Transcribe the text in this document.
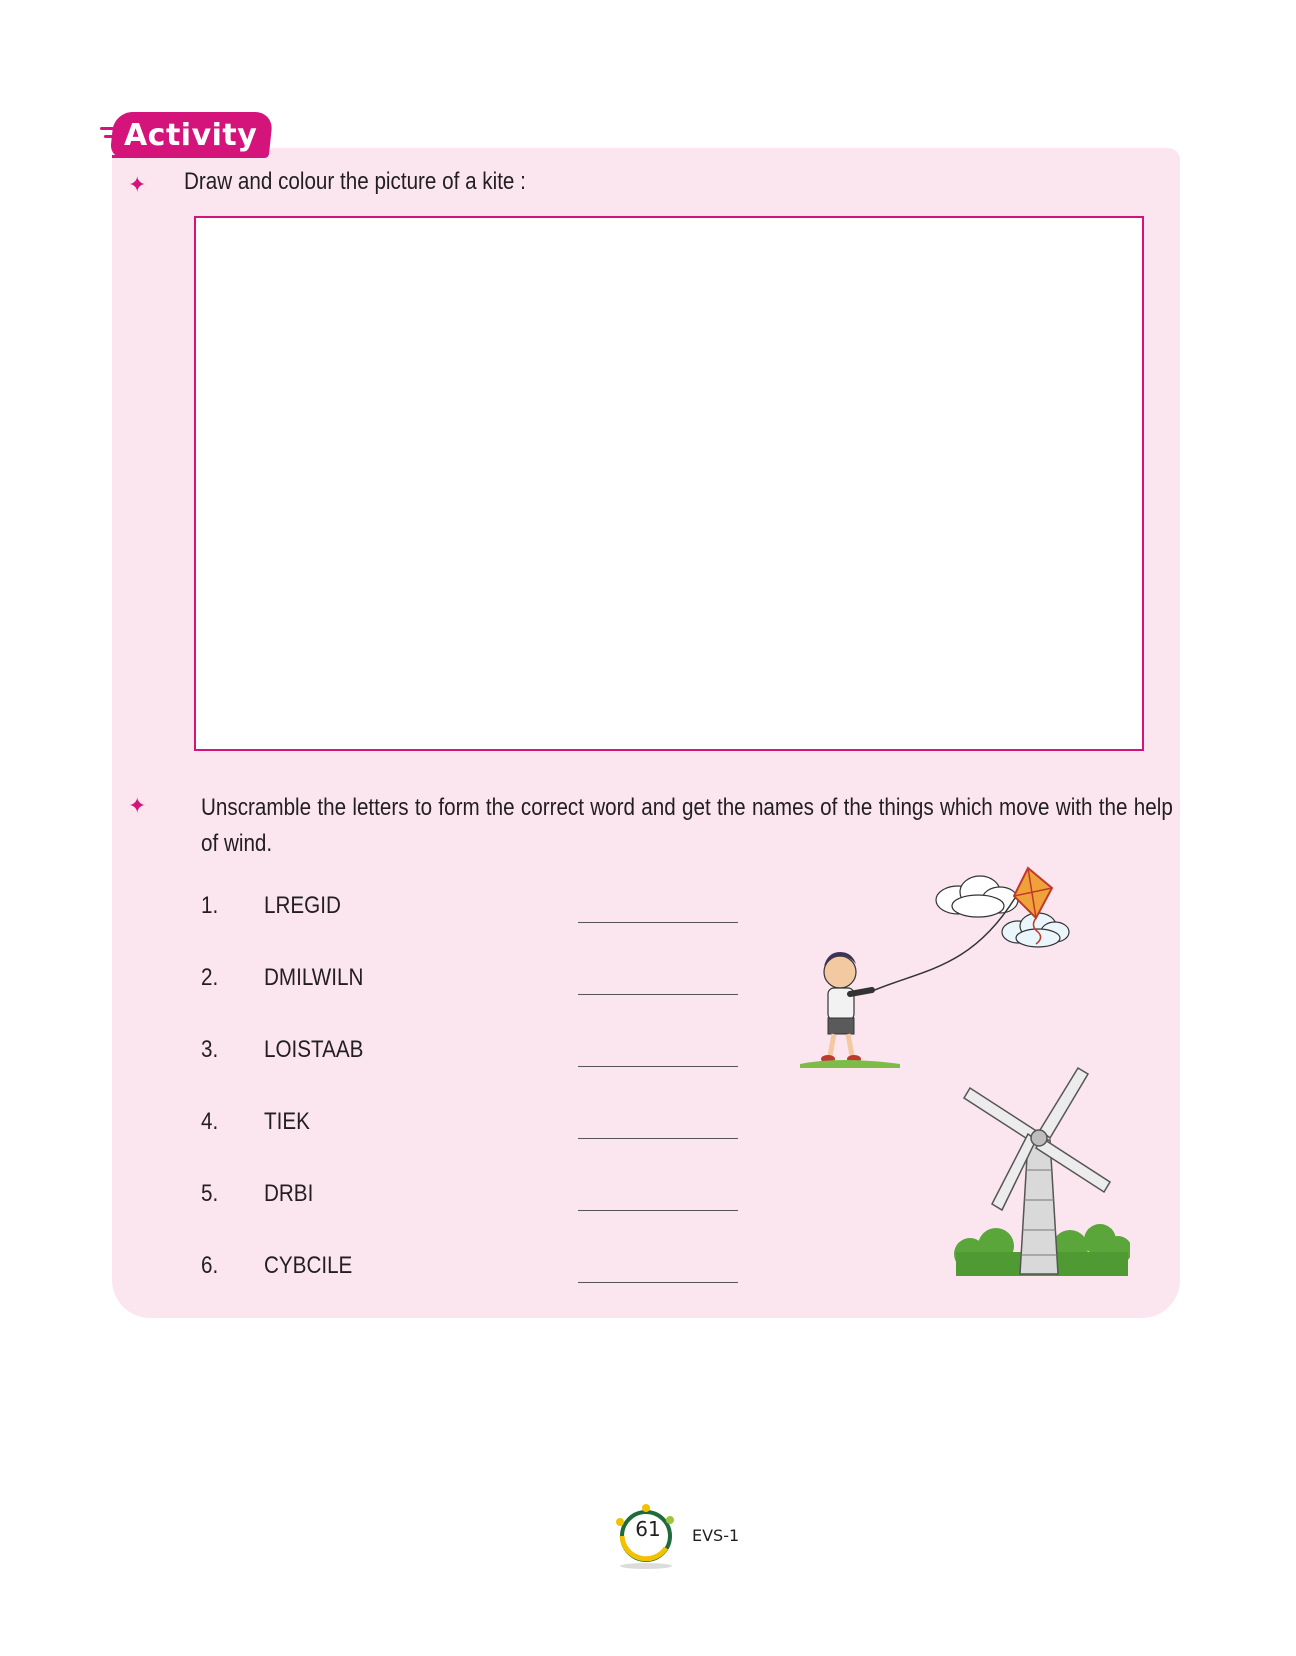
Activity
✦ Draw and colour the picture of a kite :
✦ Unscramble the letters to form the correct word and get the names of the things which move with the help of wind.
1. LREGID
2. DMILWILN
3. LOISTAAB
4. TIEK
5. DRBI
6. CYBCILE
61	EVS-1
